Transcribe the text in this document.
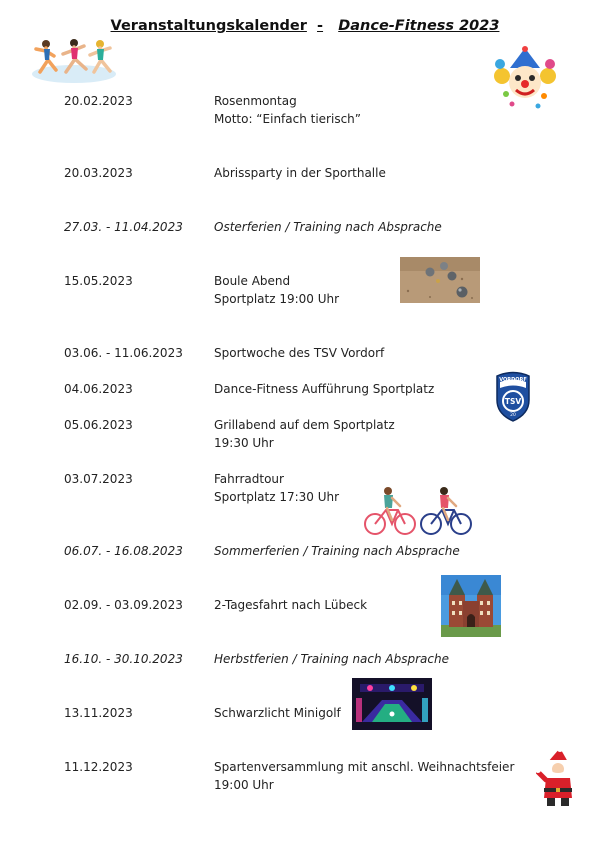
Veranstaltungskalender - Dance-Fitness 2023
20.02.2023	Rosenmontag
Motto: “Einfach tierisch”
20.03.2023	Abrissparty in der Sporthalle
27.03. - 11.04.2023	Osterferien / Training nach Absprache
15.05.2023	Boule Abend
Sportplatz 19:00 Uhr
03.06. - 11.06.2023	Sportwoche des TSV Vordorf
04.06.2023	Dance-Fitness Aufführung Sportplatz
05.06.2023	Grillabend auf dem Sportplatz
19:30 Uhr
03.07.2023	Fahrradtour
Sportplatz 17:30 Uhr
06.07. - 16.08.2023	Sommerferien / Training nach Absprache
02.09. - 03.09.2023	2-Tagesfahrt nach Lübeck
16.10. - 30.10.2023	Herbstferien / Training nach Absprache
13.11.2023	Schwarzlicht Minigolf
11.12.2023	Spartenversammlung mit anschl. Weihnachtsfeier
19:00 Uhr
VORDORF
TSV
20
